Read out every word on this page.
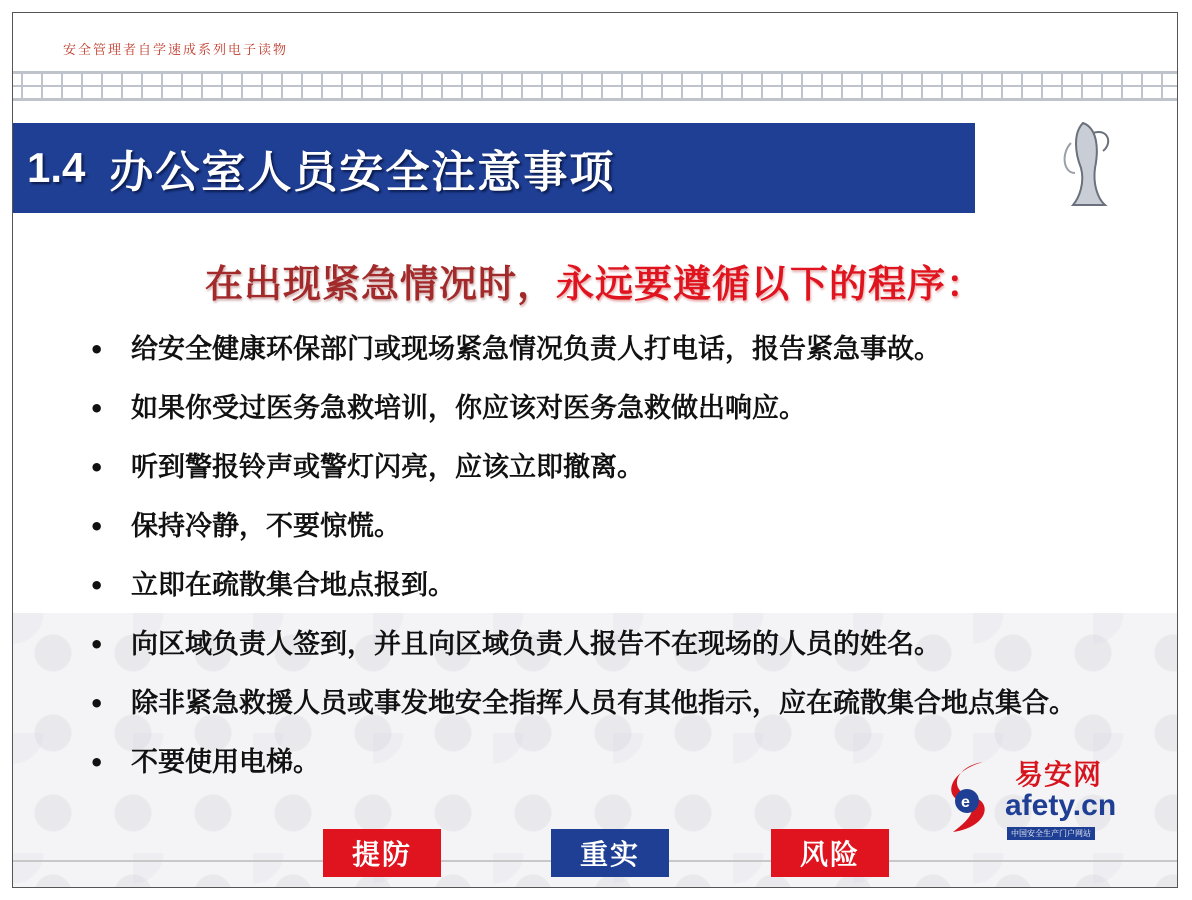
安全管理者自学速成系列电子读物
1.4 办公室人员安全注意事项
在出现紧急情况时，永远要遵循以下的程序：
• 给安全健康环保部门或现场紧急情况负责人打电话，报告紧急事故。
• 如果你受过医务急救培训，你应该对医务急救做出响应。
• 听到警报铃声或警灯闪亮，应该立即撤离。
• 保持冷静，不要惊慌。
• 立即在疏散集合地点报到。
• 向区域负责人签到，并且向区域负责人报告不在现场的人员的姓名。
• 除非紧急救援人员或事发地安全指挥人员有其他指示，应在疏散集合地点集合。
• 不要使用电梯。
e
易安网
afety.cn
中国安全生产门户网站
提防	重实	风险
